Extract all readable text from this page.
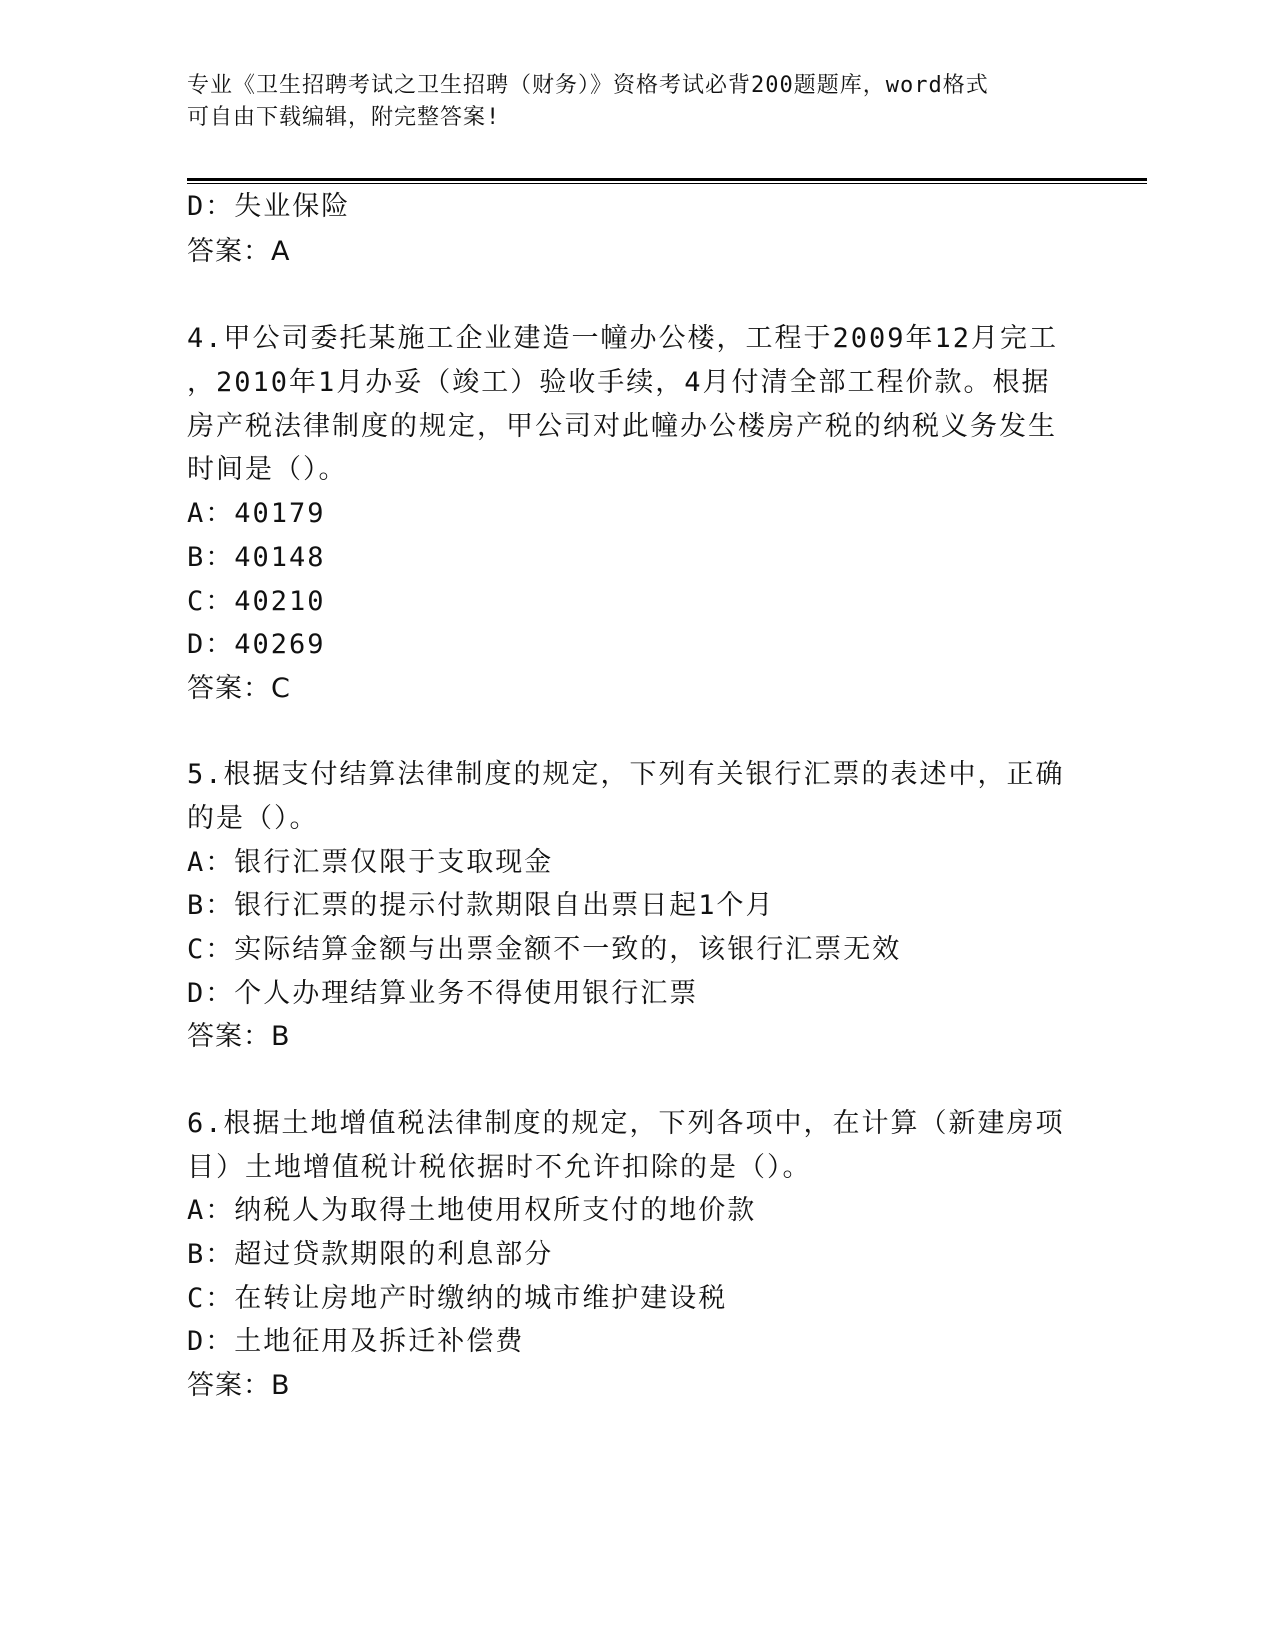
专业《卫生招聘考试之卫生招聘（财务）》资格考试必背200题题库，word格式
可自由下载编辑，附完整答案!
D：失业保险
答案：A
4.甲公司委托某施工企业建造一幢办公楼，工程于2009年12月完工
，2010年1月办妥（竣工）验收手续，4月付清全部工程价款。根据
房产税法律制度的规定，甲公司对此幢办公楼房产税的纳税义务发生
时间是（）。
A：40179
B：40148
C：40210
D：40269
答案：C
5.根据支付结算法律制度的规定，下列有关银行汇票的表述中，正确
的是（）。
A：银行汇票仅限于支取现金
B：银行汇票的提示付款期限自出票日起1个月
C：实际结算金额与出票金额不一致的，该银行汇票无效
D：个人办理结算业务不得使用银行汇票
答案：B
6.根据土地增值税法律制度的规定，下列各项中，在计算（新建房项
目）土地增值税计税依据时不允许扣除的是（）。
A：纳税人为取得土地使用权所支付的地价款
B：超过贷款期限的利息部分
C：在转让房地产时缴纳的城市维护建设税
D：土地征用及拆迁补偿费
答案：B
